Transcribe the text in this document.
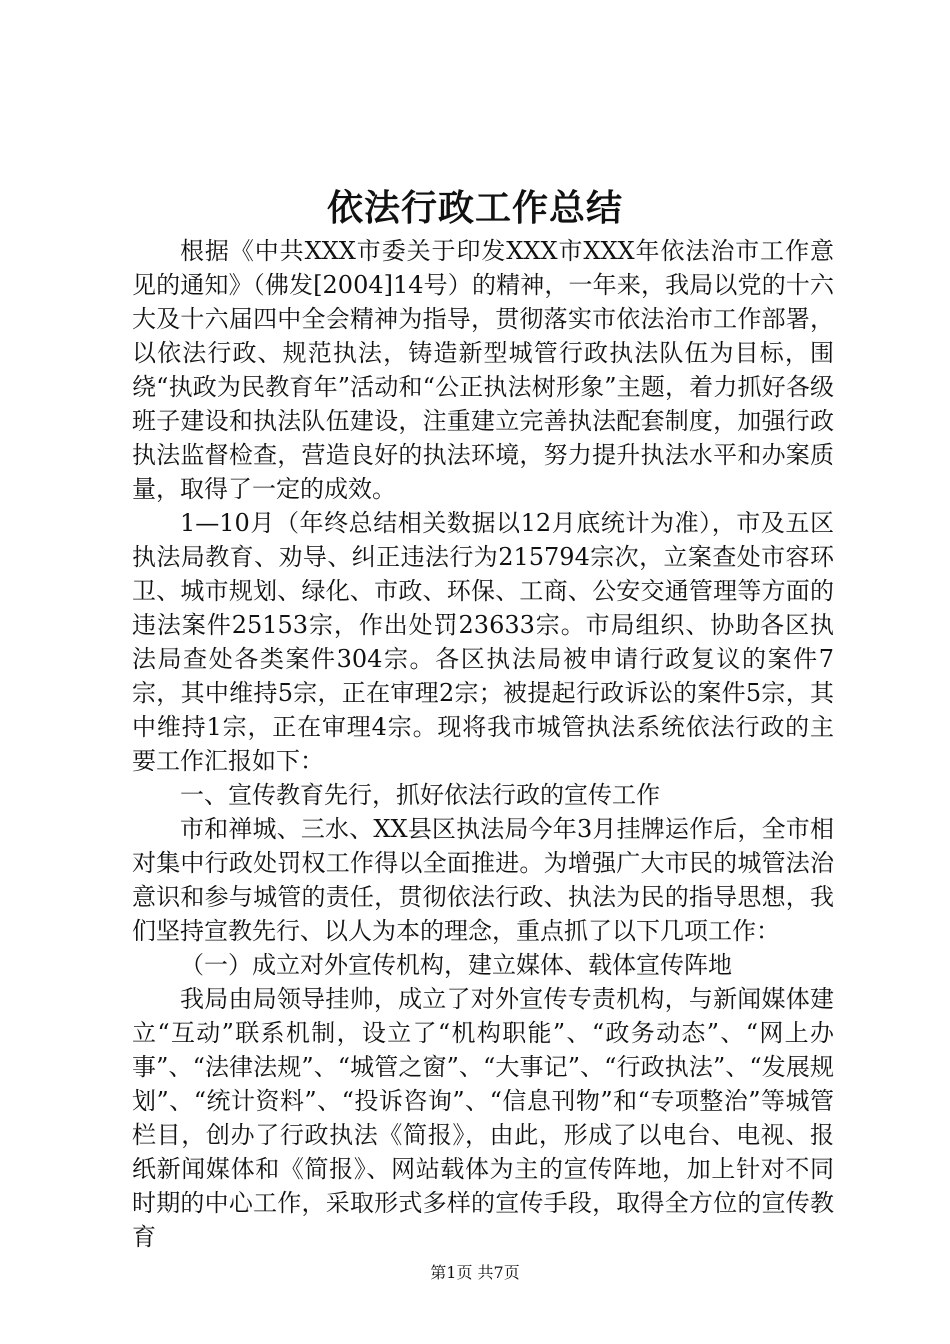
依法行政工作总结

根据《中共XXX市委关于印发XXX市XXX年依法治市工作意见的通知》（佛发[2004]14号）的精神，一年来，我局以党的十六大及十六届四中全会精神为指导，贯彻落实市依法治市工作部署，以依法行政、规范执法，铸造新型城管行政执法队伍为目标，围绕“执政为民教育年”活动和“公正执法树形象”主题，着力抓好各级班子建设和执法队伍建设，注重建立完善执法配套制度，加强行政执法监督检查，营造良好的执法环境，努力提升执法水平和办案质量，取得了一定的成效。

1—10月（年终总结相关数据以12月底统计为准），市及五区执法局教育、劝导、纠正违法行为215794宗次，立案查处市容环卫、城市规划、绿化、市政、环保、工商、公安交通管理等方面的违法案件25153宗，作出处罚23633宗。市局组织、协助各区执法局查处各类案件304宗。各区执法局被申请行政复议的案件7宗，其中维持5宗，正在审理2宗；被提起行政诉讼的案件5宗，其中维持1宗，正在审理4宗。现将我市城管执法系统依法行政的主要工作汇报如下：

一、宣传教育先行，抓好依法行政的宣传工作

市和禅城、三水、XX县区执法局今年3月挂牌运作后，全市相对集中行政处罚权工作得以全面推进。为增强广大市民的城管法治意识和参与城管的责任，贯彻依法行政、执法为民的指导思想，我们坚持宣教先行、以人为本的理念，重点抓了以下几项工作：

（一）成立对外宣传机构，建立媒体、载体宣传阵地

我局由局领导挂帅，成立了对外宣传专责机构，与新闻媒体建立“互动”联系机制，设立了“机构职能”、“政务动态”、“网上办事”、“法律法规”、“城管之窗”、“大事记”、“行政执法”、“发展规划”、“统计资料”、“投诉咨询”、“信息刊物”和“专项整治”等城管栏目，创办了行政执法《简报》，由此，形成了以电台、电视、报纸新闻媒体和《简报》、网站载体为主的宣传阵地，加上针对不同时期的中心工作，采取形式多样的宣传手段，取得全方位的宣传教育

第1页 共7页
